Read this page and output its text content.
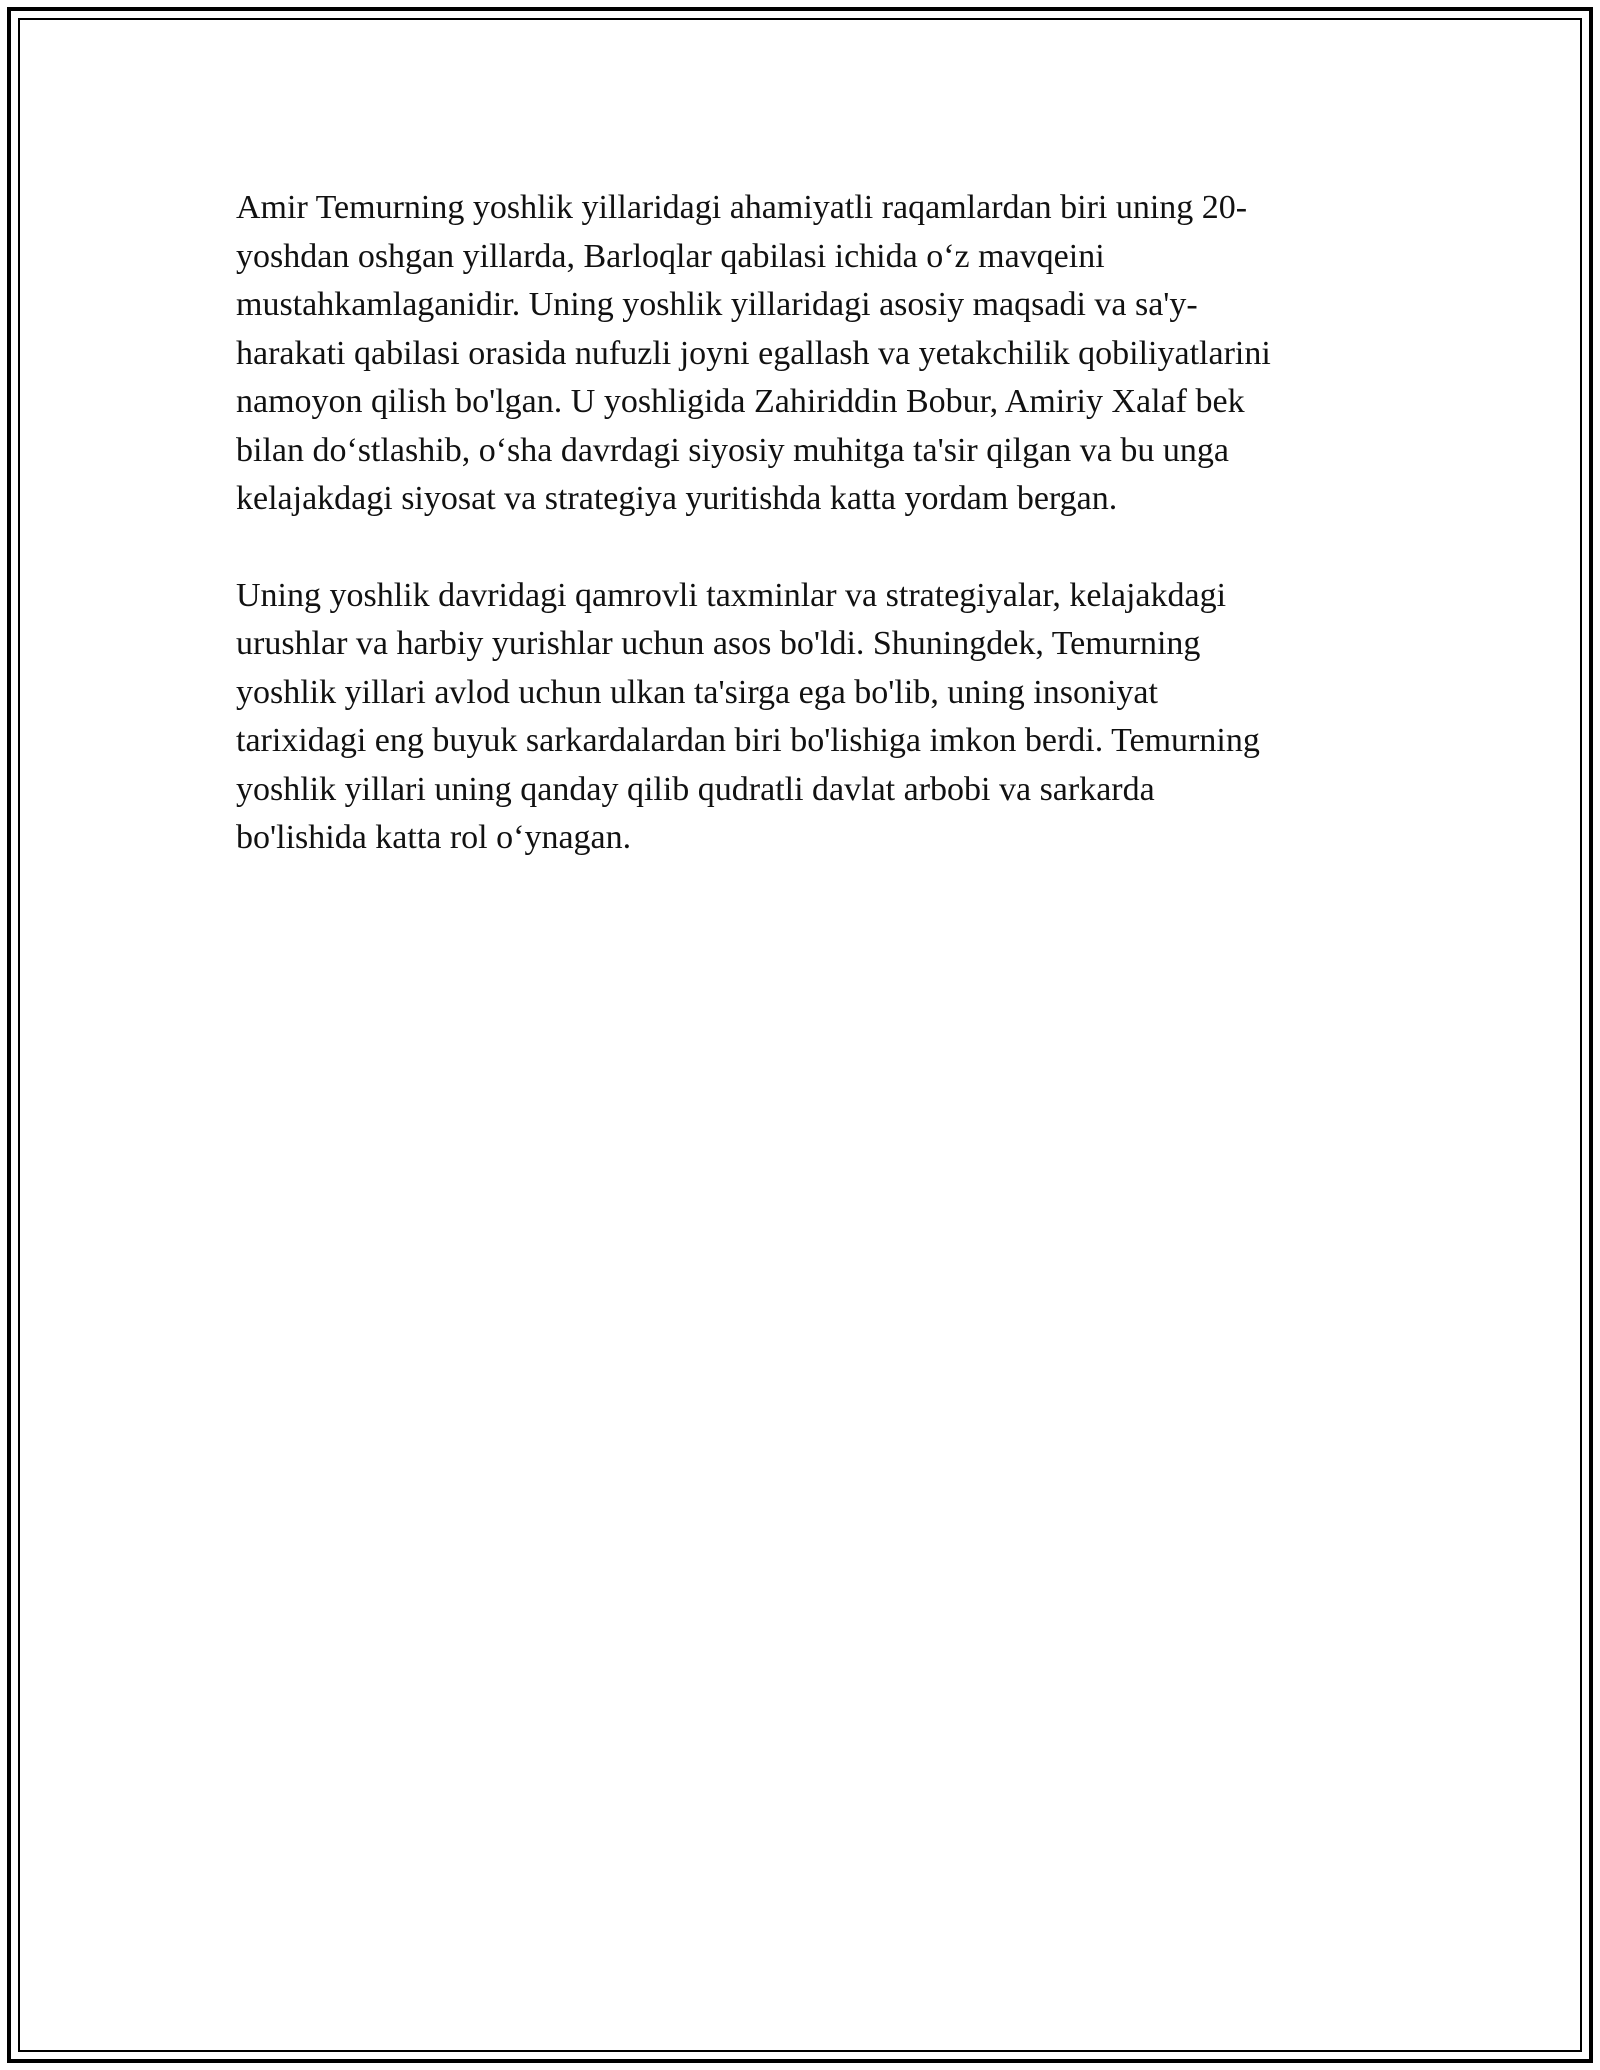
Amir Temurning yoshlik yillaridagi ahamiyatli raqamlardan biri uning 20-
yoshdan oshgan yillarda, Barloqlar qabilasi ichida o‘z mavqeini
mustahkamlaganidir. Uning yoshlik yillaridagi asosiy maqsadi va sa'y-
harakati qabilasi orasida nufuzli joyni egallash va yetakchilik qobiliyatlarini
namoyon qilish bo'lgan. U yoshligida Zahiriddin Bobur, Amiriy Xalaf bek
bilan do‘stlashib, o‘sha davrdagi siyosiy muhitga ta'sir qilgan va bu unga
kelajakdagi siyosat va strategiya yuritishda katta yordam bergan.

Uning yoshlik davridagi qamrovli taxminlar va strategiyalar, kelajakdagi
urushlar va harbiy yurishlar uchun asos bo'ldi. Shuningdek, Temurning
yoshlik yillari avlod uchun ulkan ta'sirga ega bo'lib, uning insoniyat
tarixidagi eng buyuk sarkardalardan biri bo'lishiga imkon berdi. Temurning
yoshlik yillari uning qanday qilib qudratli davlat arbobi va sarkarda
bo'lishida katta rol o‘ynagan.
